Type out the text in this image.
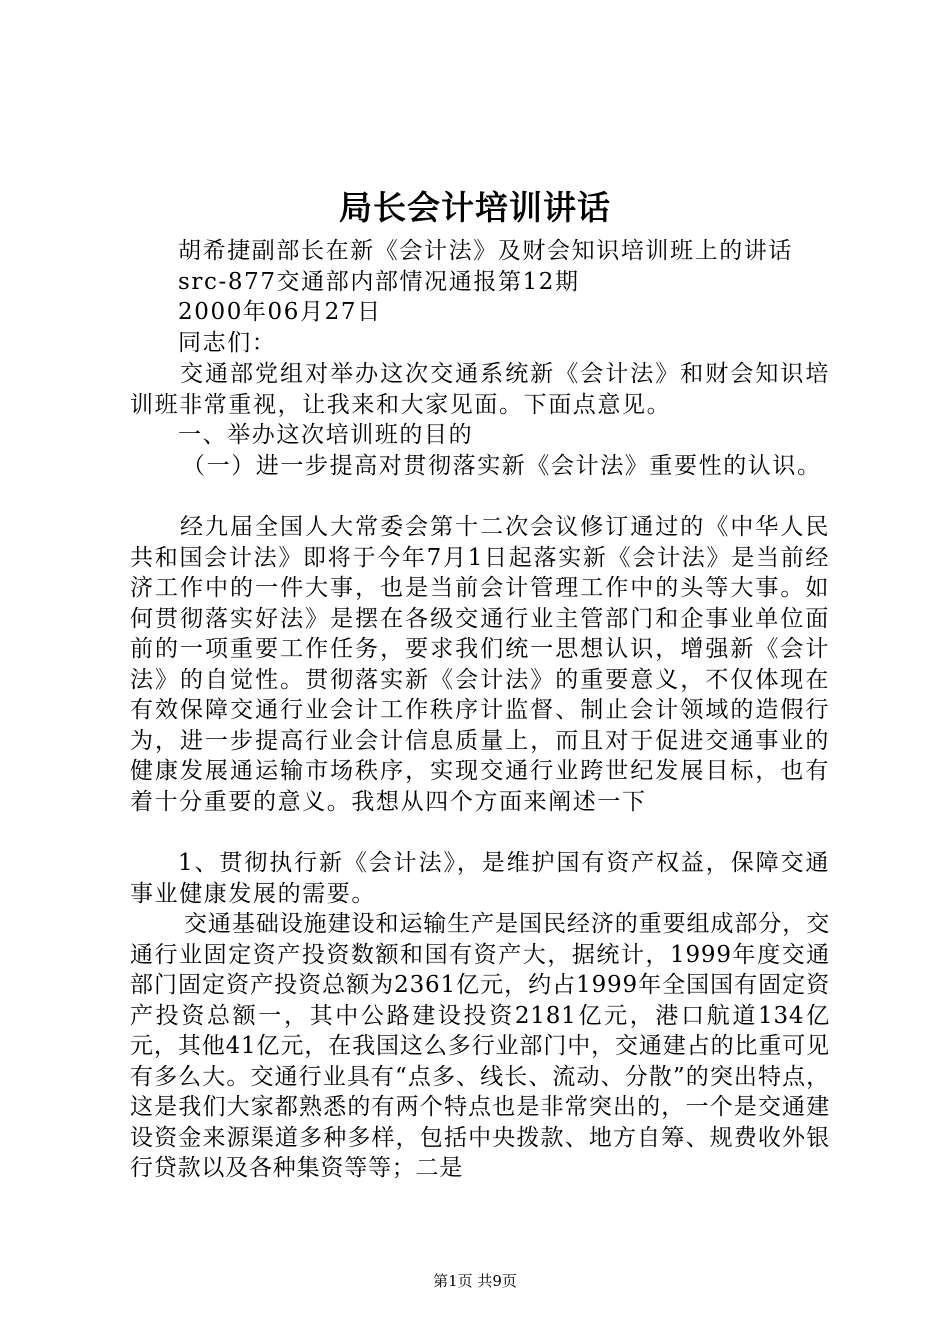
局长会计培训讲话

胡希捷副部长在新《会计法》及财会知识培训班上的讲话

src-877交通部内部情况通报第12期

2000年06月27日

同志们：

交通部党组对举办这次交通系统新《会计法》和财会知识培训班非常重视，让我来和大家见面。下面点意见。

一、举办这次培训班的目的

（一）进一步提高对贯彻落实新《会计法》重要性的认识。

经九届全国人大常委会第十二次会议修订通过的《中华人民共和国会计法》即将于今年7月1日起落实新《会计法》是当前经济工作中的一件大事，也是当前会计管理工作中的头等大事。如何贯彻落实好法》是摆在各级交通行业主管部门和企事业单位面前的一项重要工作任务，要求我们统一思想认识，增强新《会计法》的自觉性。贯彻落实新《会计法》的重要意义，不仅体现在有效保障交通行业会计工作秩序计监督、制止会计领域的造假行为，进一步提高行业会计信息质量上，而且对于促进交通事业的健康发展通运输市场秩序，实现交通行业跨世纪发展目标，也有着十分重要的意义。我想从四个方面来阐述一下

1、贯彻执行新《会计法》，是维护国有资产权益，保障交通事业健康发展的需要。

交通基础设施建设和运输生产是国民经济的重要组成部分，交通行业固定资产投资数额和国有资产大，据统计，1999年度交通部门固定资产投资总额为2361亿元，约占1999年全国国有固定资产投资总额一，其中公路建设投资2181亿元，港口航道134亿元，其他41亿元，在我国这么多行业部门中，交通建占的比重可见有多么大。交通行业具有“点多、线长、流动、分散”的突出特点，这是我们大家都熟悉的有两个特点也是非常突出的，一个是交通建设资金来源渠道多种多样，包括中央拨款、地方自筹、规费收外银行贷款以及各种集资等等；二是

第1页 共9页
